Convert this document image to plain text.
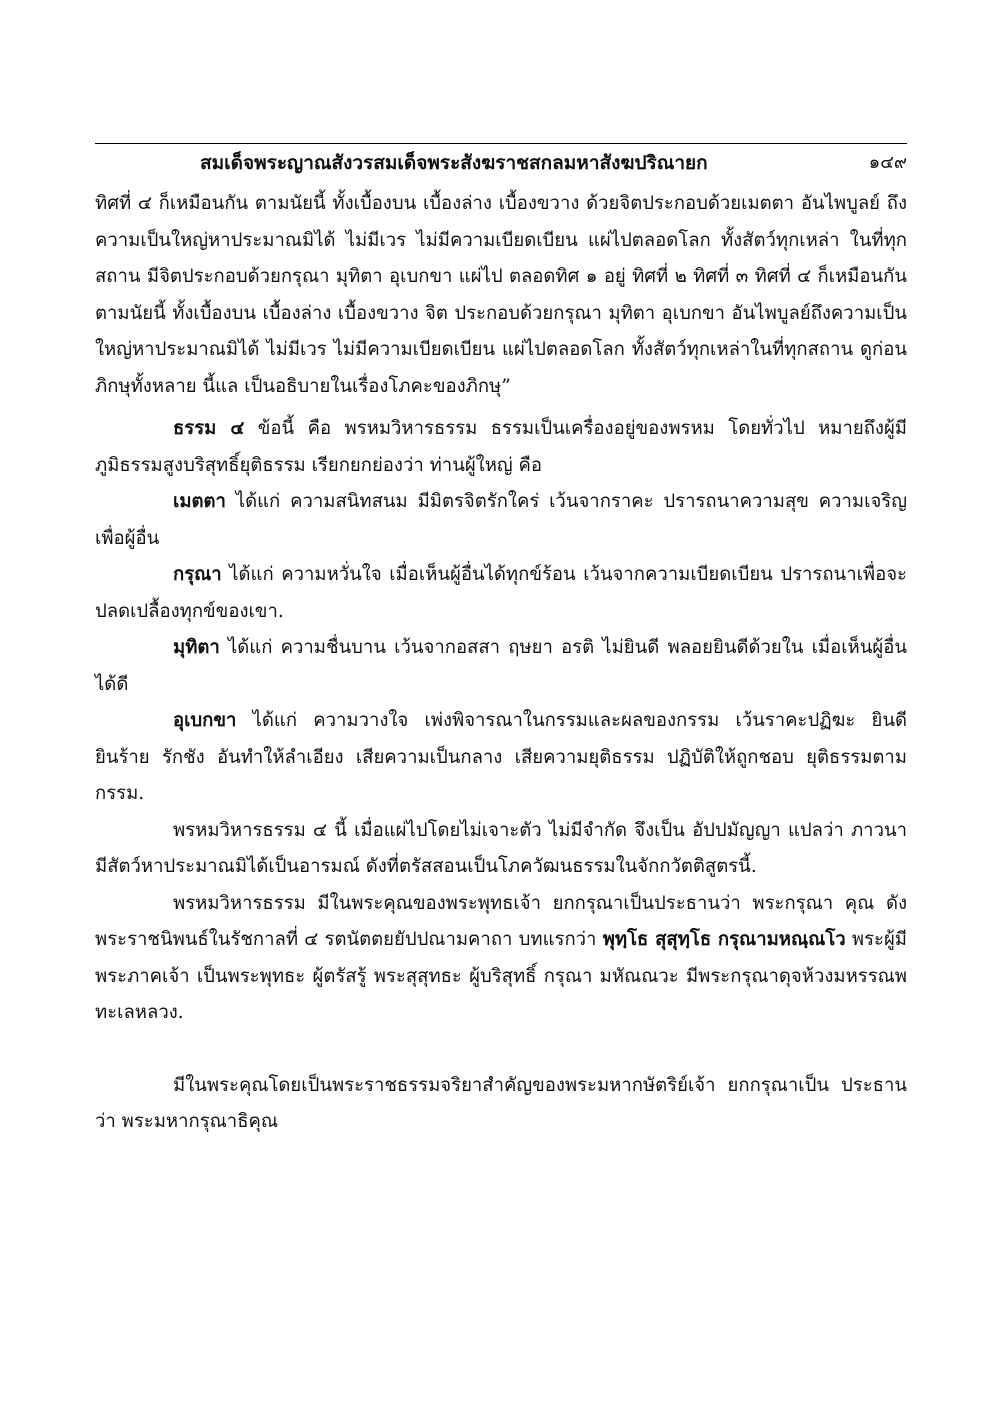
สมเด็จพระญาณสังวรสมเด็จพระสังฆราชสกลมหาสังฆปริณายก	๑๔๙

ทิศที่ ๔ ก็เหมือนกัน ตามนัยนี้ ทั้งเบื้องบน เบื้องล่าง เบื้องขวาง ด้วยจิตประกอบด้วยเมตตา อันไพบูลย์ ถึงความเป็นใหญ่หาประมาณมิได้ ไม่มีเวร ไม่มีความเบียดเบียน แผ่ไปตลอดโลก ทั้งสัตว์ทุกเหล่า ในที่ทุกสถาน มีจิตประกอบด้วยกรุณา มุทิตา อุเบกขา แผ่ไป ตลอดทิศ ๑ อยู่ ทิศที่ ๒ ทิศที่ ๓ ทิศที่ ๔ ก็เหมือนกัน ตามนัยนี้ ทั้งเบื้องบน เบื้องล่าง เบื้องขวาง จิต ประกอบด้วยกรุณา มุทิตา อุเบกขา อันไพบูลย์ถึงความเป็นใหญ่หาประมาณมิได้ ไม่มีเวร ไม่มีความเบียดเบียน แผ่ไปตลอดโลก ทั้งสัตว์ทุกเหล่าในที่ทุกสถาน ดูก่อนภิกษุทั้งหลาย นี้แล เป็นอธิบายในเรื่องโภคะของภิกษุ”

ธรรม ๔ ข้อนี้ คือ พรหมวิหารธรรม ธรรมเป็นเครื่องอยู่ของพรหม โดยทั่วไป หมายถึงผู้มีภูมิธรรมสูงบริสุทธิ์ยุติธรรม เรียกยกย่องว่า ท่านผู้ใหญ่ คือ

เมตตา ได้แก่ ความสนิทสนม มีมิตรจิตรักใคร่ เว้นจากราคะ ปรารถนาความสุข ความเจริญเพื่อผู้อื่น

กรุณา ได้แก่ ความหวั่นใจ เมื่อเห็นผู้อื่นได้ทุกข์ร้อน เว้นจากความเบียดเบียน ปรารถนาเพื่อจะปลดเปลื้องทุกข์ของเขา.

มุทิตา ได้แก่ ความชื่นบาน เว้นจากอสสา ฤษยา อรติ ไม่ยินดี พลอยยินดีด้วยใน เมื่อเห็นผู้อื่นได้ดี

อุเบกขา ได้แก่ ความวางใจ เพ่งพิจารณาในกรรมและผลของกรรม เว้นราคะปฏิฆะ ยินดียินร้าย รักชัง อันทำให้ลำเอียง เสียความเป็นกลาง เสียความยุติธรรม ปฏิบัติให้ถูกชอบ ยุติธรรมตามกรรม.

พรหมวิหารธรรม ๔ นี้ เมื่อแผ่ไปโดยไม่เจาะตัว ไม่มีจำกัด จึงเป็น อัปปมัญญา แปลว่า ภาวนา มีสัตว์หาประมาณมิได้เป็นอารมณ์ ดังที่ตรัสสอนเป็นโภควัฒนธรรมในจักกวัตติสูตรนี้.

พรหมวิหารธรรม มีในพระคุณของพระพุทธเจ้า ยกกรุณาเป็นประธานว่า พระกรุณา คุณ ดังพระราชนิพนธ์ในรัชกาลที่ ๔ รตนัตตยยัปปณามคาถา บทแรกว่า พุทฺโธ สุสุทฺโธ กรุณามหณฺณโว พระผู้มีพระภาคเจ้า เป็นพระพุทธะ ผู้ตรัสรู้ พระสุสุทธะ ผู้บริสุทธิ์ กรุณา มหัณณวะ มีพระกรุณาดุจห้วงมหรรณพทะเลหลวง.

มีในพระคุณโดยเป็นพระราชธรรมจริยาสำคัญของพระมหากษัตริย์เจ้า ยกกรุณาเป็น ประธานว่า พระมหากรุณาธิคุณ
